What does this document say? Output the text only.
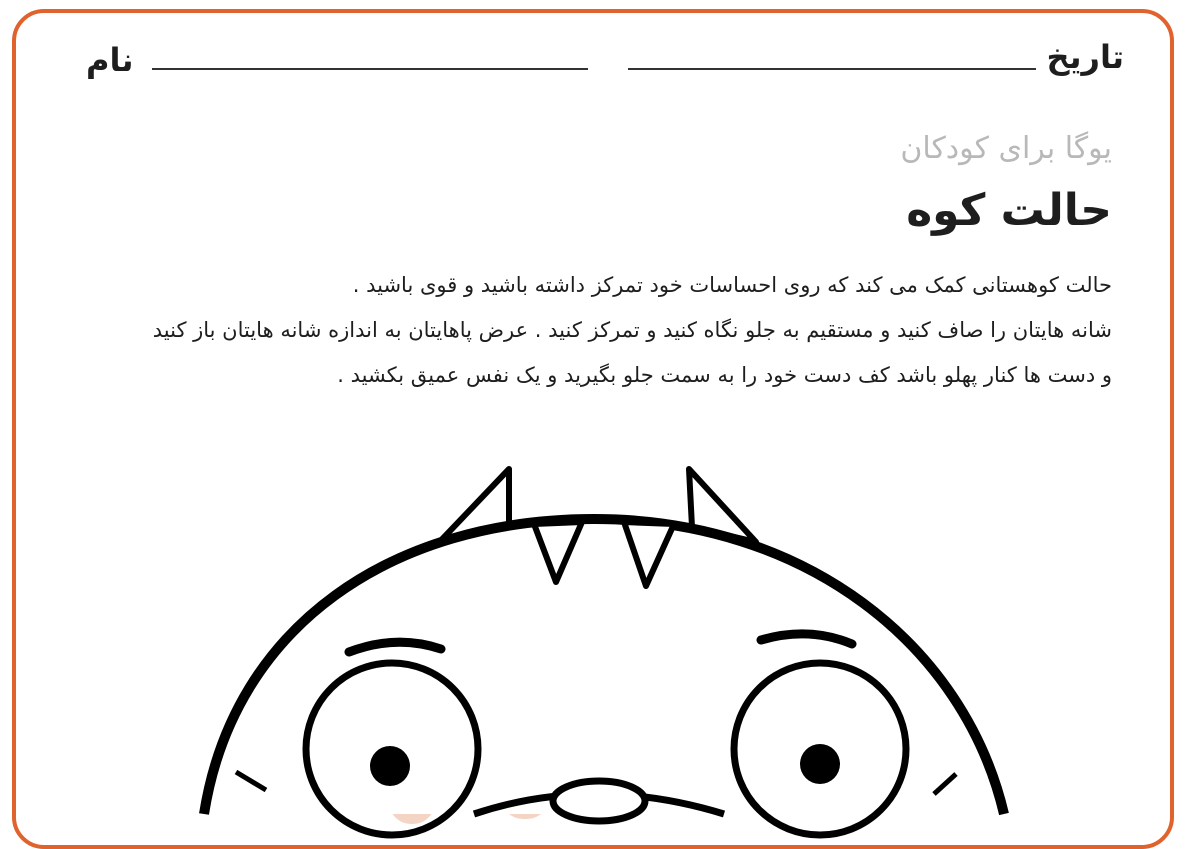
تاریخ
نام
یوگا برای کودکان
حالت کوه

حالت کوهستانی کمک می کند که روی احساسات خود تمرکز داشته باشید و قوی باشید .

شانه هایتان را صاف کنید و مستقیم به جلو نگاه کنید و تمرکز کنید . عرض پاهایتان به اندازه شانه هایتان باز کنید

و دست ها کنار پهلو باشد کف دست خود را به سمت جلو بگیرید و یک نفس عمیق بکشید .
